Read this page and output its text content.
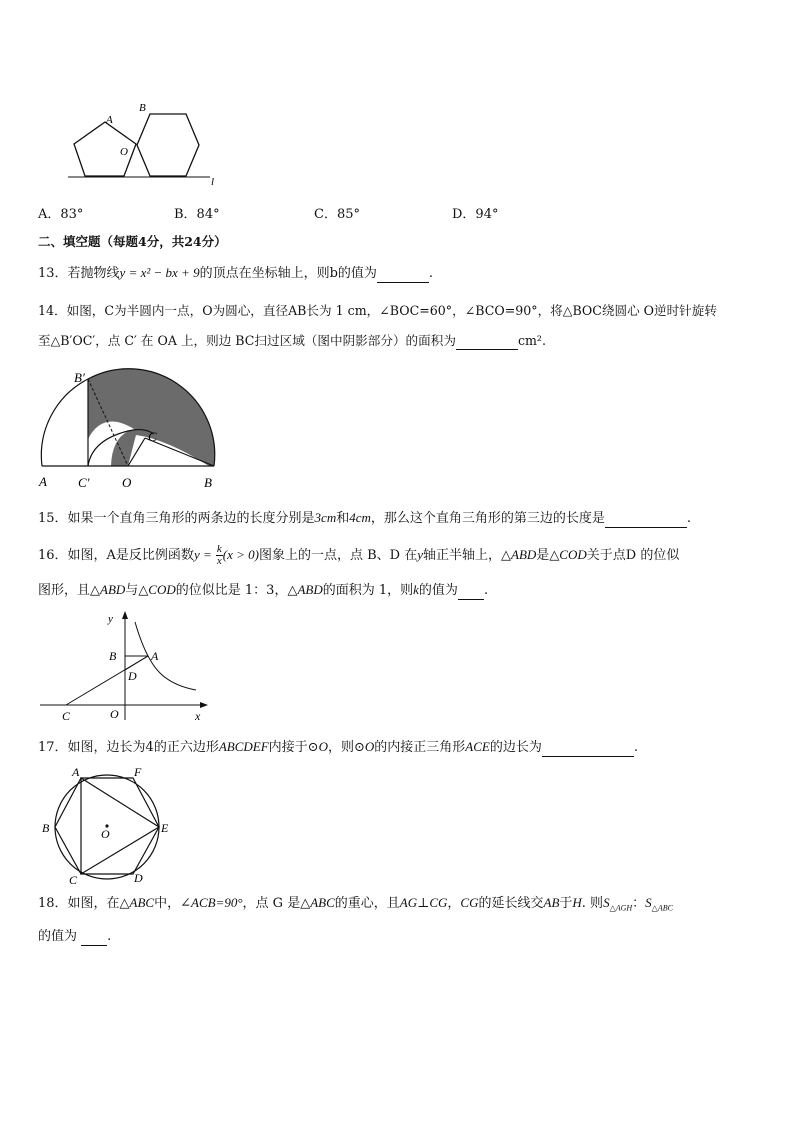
A
B
O
l
A．83°	B．84°	C．85°	D．94°
二、填空题（每题4分，共24分）
13．若抛物线y = x² − bx + 9的顶点在坐标轴上，则b的值为	.
14．如图，C为半圆内一点，O为圆心，直径AB长为 1 cm，∠BOC=60°，∠BCO=90°，将△BOC绕圆心 O逆时针旋转
至△B′OC′，点 C′ 在 OA 上，则边 BC扫过区域（图中阴影部分）的面积为	cm².
B′
C
A C′ O	B
15．如果一个直角三角形的两条边的长度分别是3cm和4cm，那么这个直角三角形的第三边的长度是	.
16．如图，A是反比例函数$y = \frac{k}{x} (x > 0)$图象上的一点，点 B、D 在y轴正半轴上，△ABD是△COD关于点D 的位似
图形，且△ABD与△COD的位似比是 1：3，△ABD的面积为 1，则k的值为 .
y
B	A
D
C	O	x
17．如图，边长为4的正六边形ABCDEF内接于⊙O，则⊙O的内接正三角形ACE的边长为	.
A	F
B	O	E
C	D
18．如图，在△ABC中，∠ACB=90°，点 G 是△ABC的重心，且AG⊥CG，CG的延长线交AB于H. 则$S_{\triangle AGH}$：$S_{\triangle ABC}$
的值为 .
